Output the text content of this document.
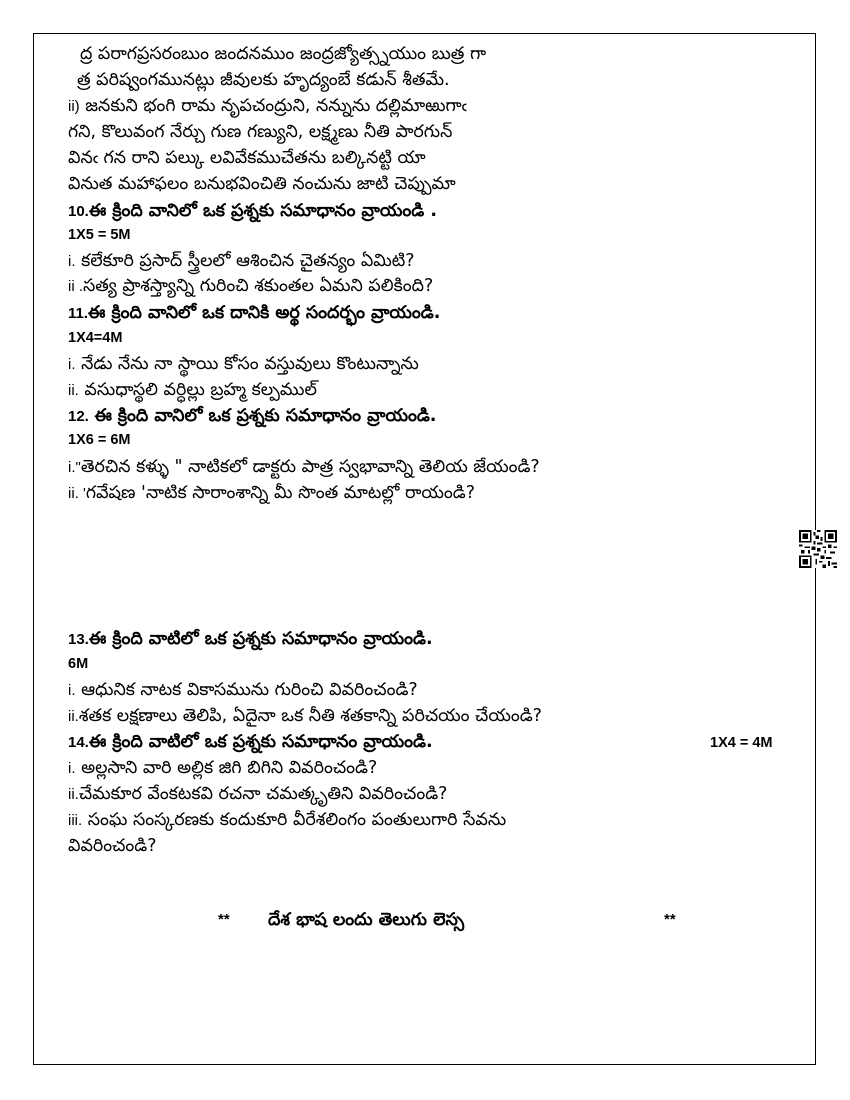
ద్ర పరాగప్రసరంబుం జందనముం జంద్రజ్యోత్స్నయుం బుత్ర గా
త్ర పరిష్వంగమునట్లు జీవులకు హృద్యంబే కడున్ శీతమే.
ii) జనకుని భంగి రామ నృపచంద్రుని, నన్నును దల్లిమాఱుగాఁ
గని, కొలువంగ నేర్చు గుణ గణ్యుని, లక్ష్మణు నీతి పారగున్
వినఁ గన రాని పల్కు లవివేకముచేతను బల్కినట్టి యా
వినుత మహాఫలం బనుభవించితి నంచును జాటి చెప్పుమా
10.ఈ క్రింది వానిలో ఒక ప్రశ్నకు సమాధానం వ్రాయండి .
1X5 = 5M
i. కలేకూరి ప్రసాద్ స్త్రీలలో ఆశించిన చైతన్యం ఏమిటి?
ii .సత్య ప్రాశస్త్యాన్ని గురించి శకుంతల ఏమని పలికింది?
11.ఈ క్రింది వానిలో ఒక దానికి అర్థ సందర్భం వ్రాయండి.
1X4=4M
i. నేడు నేను నా స్థాయి కోసం వస్తువులు కొంటున్నాను
ii. వసుధాస్థలి వర్ధిల్లు బ్రహ్మ కల్పముల్
12. ఈ క్రింది వానిలో ఒక ప్రశ్నకు సమాధానం వ్రాయండి.
1X6 = 6M
i."తెరచిన కళ్ళు " నాటికలో డాక్టరు పాత్ర స్వభావాన్ని తెలియ జేయండి?
ii. 'గవేషణ 'నాటిక సారాంశాన్ని మీ సొంత మాటల్లో రాయండి?
13.ఈ క్రింది వాటిలో ఒక ప్రశ్నకు సమాధానం వ్రాయండి.
6M
i. ఆధునిక నాటక వికాసమును గురించి వివరించండి?
ii.శతక లక్షణాలు తెలిపి, ఏదైనా ఒక నీతి శతకాన్ని పరిచయం చేయండి?
14.ఈ క్రింది వాటిలో ఒక ప్రశ్నకు సమాధానం వ్రాయండి.	1X4 = 4M
i. అల్లసాని వారి అల్లిక జిగి బిగిని వివరించండి?
ii.చేమకూర వేంకటకవి రచనా చమత్కృతిని వివరించండి?
iii. సంఘ సంస్కరణకు కందుకూరి వీరేశలింగం పంతులుగారి సేవను
వివరించండి?
** దేశ భాష లందు తెలుగు లెస్స	**
